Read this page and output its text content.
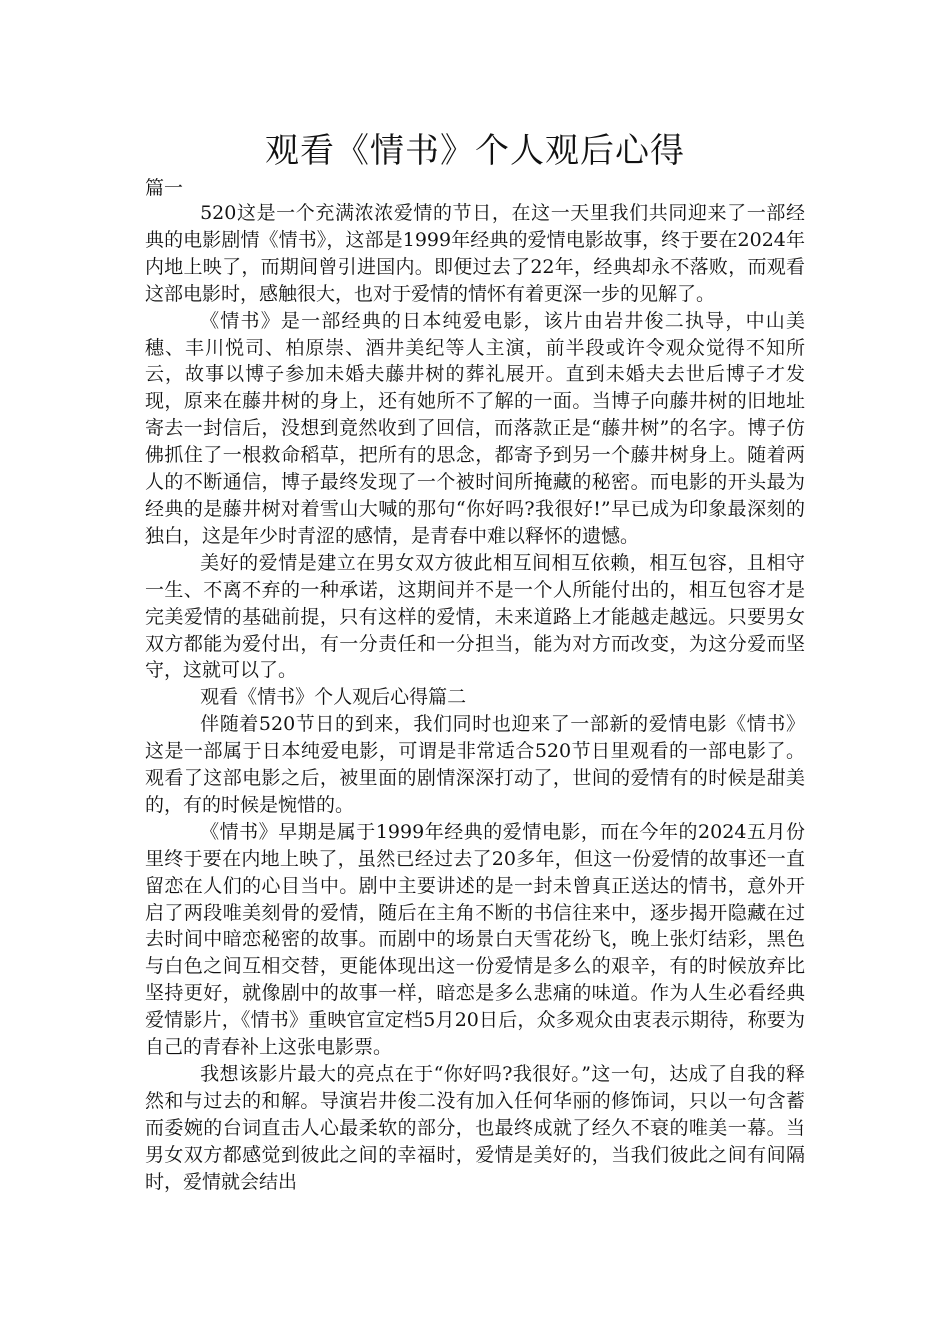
观看《情书》个人观后心得

篇一

520这是一个充满浓浓爱情的节日，在这一天里我们共同迎来了一部经典的电影剧情《情书》，这部是1999年经典的爱情电影故事，终于要在2024年内地上映了，而期间曾引进国内。即便过去了22年，经典却永不落败，而观看这部电影时，感触很大，也对于爱情的情怀有着更深一步的见解了。

《情书》是一部经典的日本纯爱电影，该片由岩井俊二执导，中山美穗、丰川悦司、柏原崇、酒井美纪等人主演，前半段或许令观众觉得不知所云，故事以博子参加未婚夫藤井树的葬礼展开。直到未婚夫去世后博子才发现，原来在藤井树的身上，还有她所不了解的一面。当博子向藤井树的旧地址寄去一封信后，没想到竟然收到了回信，而落款正是“藤井树”的名字。博子仿佛抓住了一根救命稻草，把所有的思念，都寄予到另一个藤井树身上。随着两人的不断通信，博子最终发现了一个被时间所掩藏的秘密。而电影的开头最为经典的是藤井树对着雪山大喊的那句“你好吗?我很好!”早已成为印象最深刻的独白，这是年少时青涩的感情，是青春中难以释怀的遗憾。

美好的爱情是建立在男女双方彼此相互间相互依赖，相互包容，且相守一生、不离不弃的一种承诺，这期间并不是一个人所能付出的，相互包容才是完美爱情的基础前提，只有这样的爱情，未来道路上才能越走越远。只要男女双方都能为爱付出，有一分责任和一分担当，能为对方而改变，为这分爱而坚守，这就可以了。

观看《情书》个人观后心得篇二

伴随着520节日的到来，我们同时也迎来了一部新的爱情电影《情书》这是一部属于日本纯爱电影，可谓是非常适合520节日里观看的一部电影了。观看了这部电影之后，被里面的剧情深深打动了，世间的爱情有的时候是甜美的，有的时候是惋惜的。

《情书》早期是属于1999年经典的爱情电影，而在今年的2024五月份里终于要在内地上映了，虽然已经过去了20多年，但这一份爱情的故事还一直留恋在人们的心目当中。剧中主要讲述的是一封未曾真正送达的情书，意外开启了两段唯美刻骨的爱情，随后在主角不断的书信往来中，逐步揭开隐藏在过去时间中暗恋秘密的故事。而剧中的场景白天雪花纷飞，晚上张灯结彩，黑色与白色之间互相交替，更能体现出这一份爱情是多么的艰辛，有的时候放弃比坚持更好，就像剧中的故事一样，暗恋是多么悲痛的味道。作为人生必看经典爱情影片，《情书》重映官宣定档5月20日后，众多观众由衷表示期待，称要为自己的青春补上这张电影票。

我想该影片最大的亮点在于“你好吗?我很好。”这一句，达成了自我的释然和与过去的和解。导演岩井俊二没有加入任何华丽的修饰词，只以一句含蓄而委婉的台词直击人心最柔软的部分，也最终成就了经久不衰的唯美一幕。当男女双方都感觉到彼此之间的幸福时，爱情是美好的，当我们彼此之间有间隔时，爱情就会结出
